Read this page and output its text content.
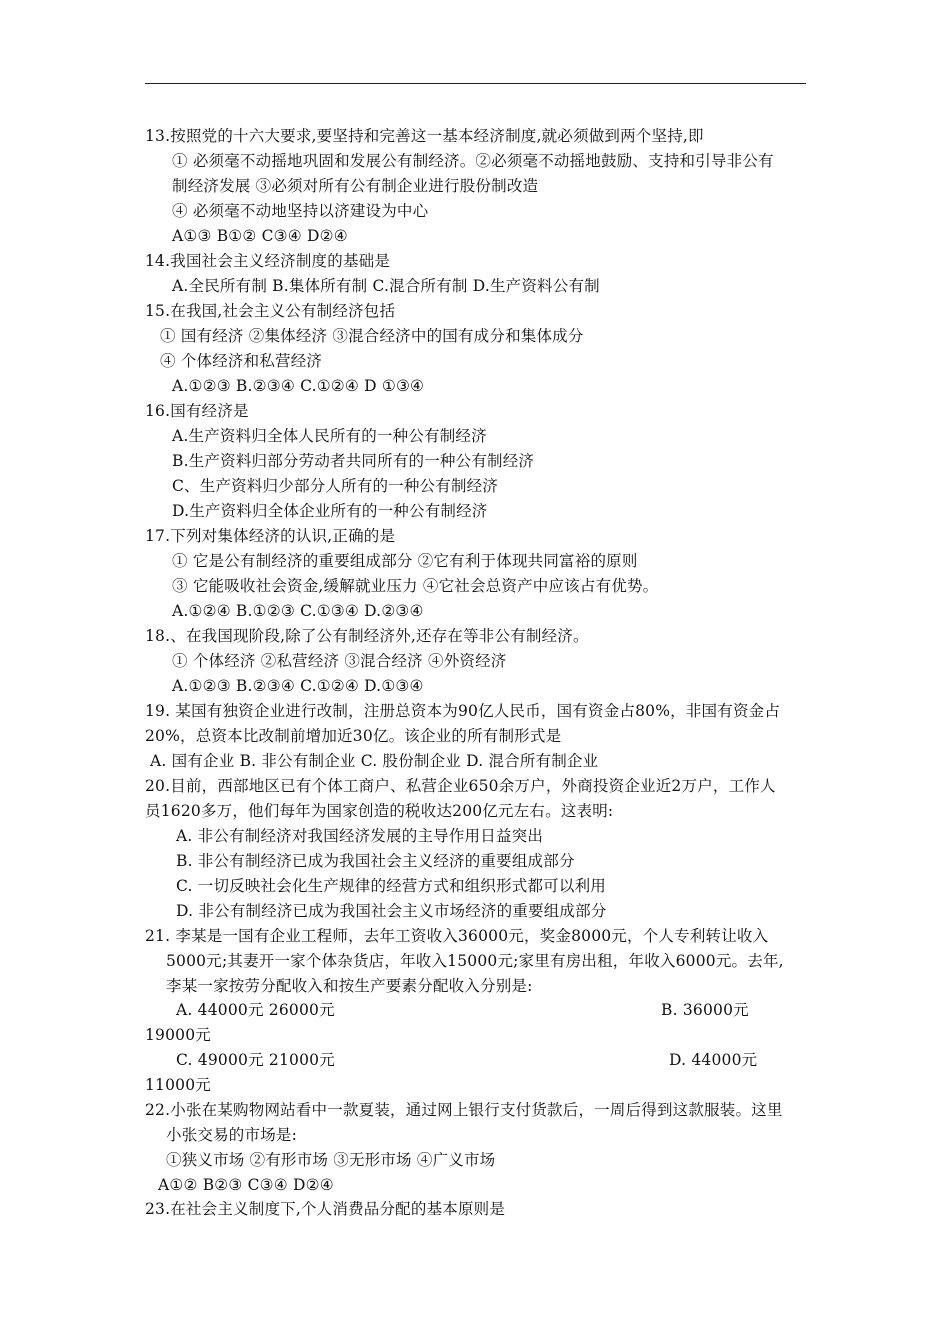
13.按照党的十六大要求,要坚持和完善这一基本经济制度,就必须做到两个坚持,即
① 必须毫不动摇地巩固和发展公有制经济。②必须毫不动摇地鼓励、支持和引导非公有
制经济发展 ③必须对所有公有制企业进行股份制改造
④ 必须毫不动地坚持以济建设为中心
A①③ B①② C③④ D②④
14.我国社会主义经济制度的基础是
A.全民所有制 B.集体所有制 C.混合所有制 D.生产资料公有制
15.在我国,社会主义公有制经济包括
① 国有经济 ②集体经济 ③混合经济中的国有成分和集体成分
④ 个体经济和私营经济
A.①②③ B.②③④ C.①②④ D ①③④
16.国有经济是
A.生产资料归全体人民所有的一种公有制经济
B.生产资料归部分劳动者共同所有的一种公有制经济
C、生产资料归少部分人所有的一种公有制经济
D.生产资料归全体企业所有的一种公有制经济
17.下列对集体经济的认识,正确的是
① 它是公有制经济的重要组成部分 ②它有利于体现共同富裕的原则
③ 它能吸收社会资金,缓解就业压力 ④它社会总资产中应该占有优势。
A.①②④ B.①②③ C.①③④ D.②③④
18.、在我国现阶段,除了公有制经济外,还存在等非公有制经济。
① 个体经济 ②私营经济 ③混合经济 ④外资经济
A.①②③ B.②③④ C.①②④ D.①③④
19. 某国有独资企业进行改制，注册总资本为90亿人民币，国有资金占80%，非国有资金占
20%，总资本比改制前增加近30亿。该企业的所有制形式是
A. 国有企业 B. 非公有制企业 C. 股份制企业 D. 混合所有制企业
20.目前，西部地区已有个体工商户、私营企业650余万户，外商投资企业近2万户，工作人
员1620多万，他们每年为国家创造的税收达200亿元左右。这表明:
A. 非公有制经济对我国经济发展的主导作用日益突出
B. 非公有制经济已成为我国社会主义经济的重要组成部分
C. 一切反映社会化生产规律的经营方式和组织形式都可以利用
D. 非公有制经济已成为我国社会主义市场经济的重要组成部分
21. 李某是一国有企业工程师，去年工资收入36000元，奖金8000元，个人专利转让收入
5000元;其妻开一家个体杂货店，年收入15000元;家里有房出租，年收入6000元。去年,
李某一家按劳分配收入和按生产要素分配收入分别是:
A. 44000元 26000元	B. 36000元
19000元
C. 49000元 21000元	D. 44000元
11000元
22.小张在某购物网站看中一款夏装，通过网上银行支付货款后，一周后得到这款服装。这里
小张交易的市场是:
①狭义市场 ②有形市场 ③无形市场 ④广义市场
A①② B②③ C③④ D②④
23.在社会主义制度下,个人消费品分配的基本原则是
